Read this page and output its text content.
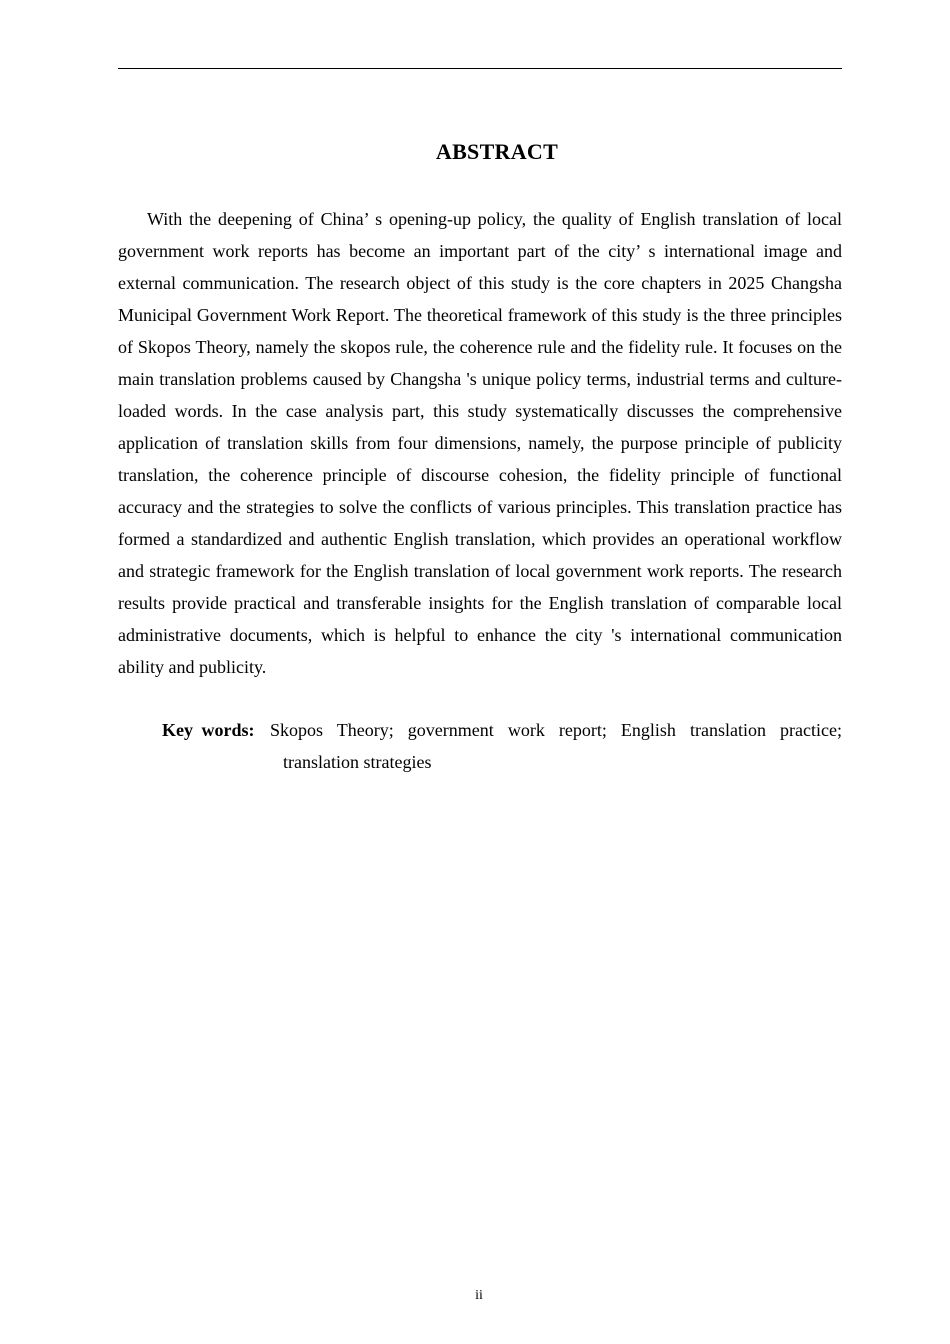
ABSTRACT

With the deepening of China’ s opening-up policy, the quality of English translation of local government work reports has become an important part of the city’ s international image and external communication. The research object of this study is the core chapters in 2025 Changsha Municipal Government Work Report. The theoretical framework of this study is the three principles of Skopos Theory, namely the skopos rule, the coherence rule and the fidelity rule. It focuses on the main translation problems caused by Changsha 's unique policy terms, industrial terms and culture-loaded words. In the case analysis part, this study systematically discusses the comprehensive application of translation skills from four dimensions, namely, the purpose principle of publicity translation, the coherence principle of discourse cohesion, the fidelity principle of functional accuracy and the strategies to solve the conflicts of various principles. This translation practice has formed a standardized and authentic English translation, which provides an operational workflow and strategic framework for the English translation of local government work reports. The research results provide practical and transferable insights for the English translation of comparable local administrative documents, which is helpful to enhance the city 's international communication ability and publicity.

Key words: Skopos Theory; government work report; English translation practice;
translation strategies
ii
